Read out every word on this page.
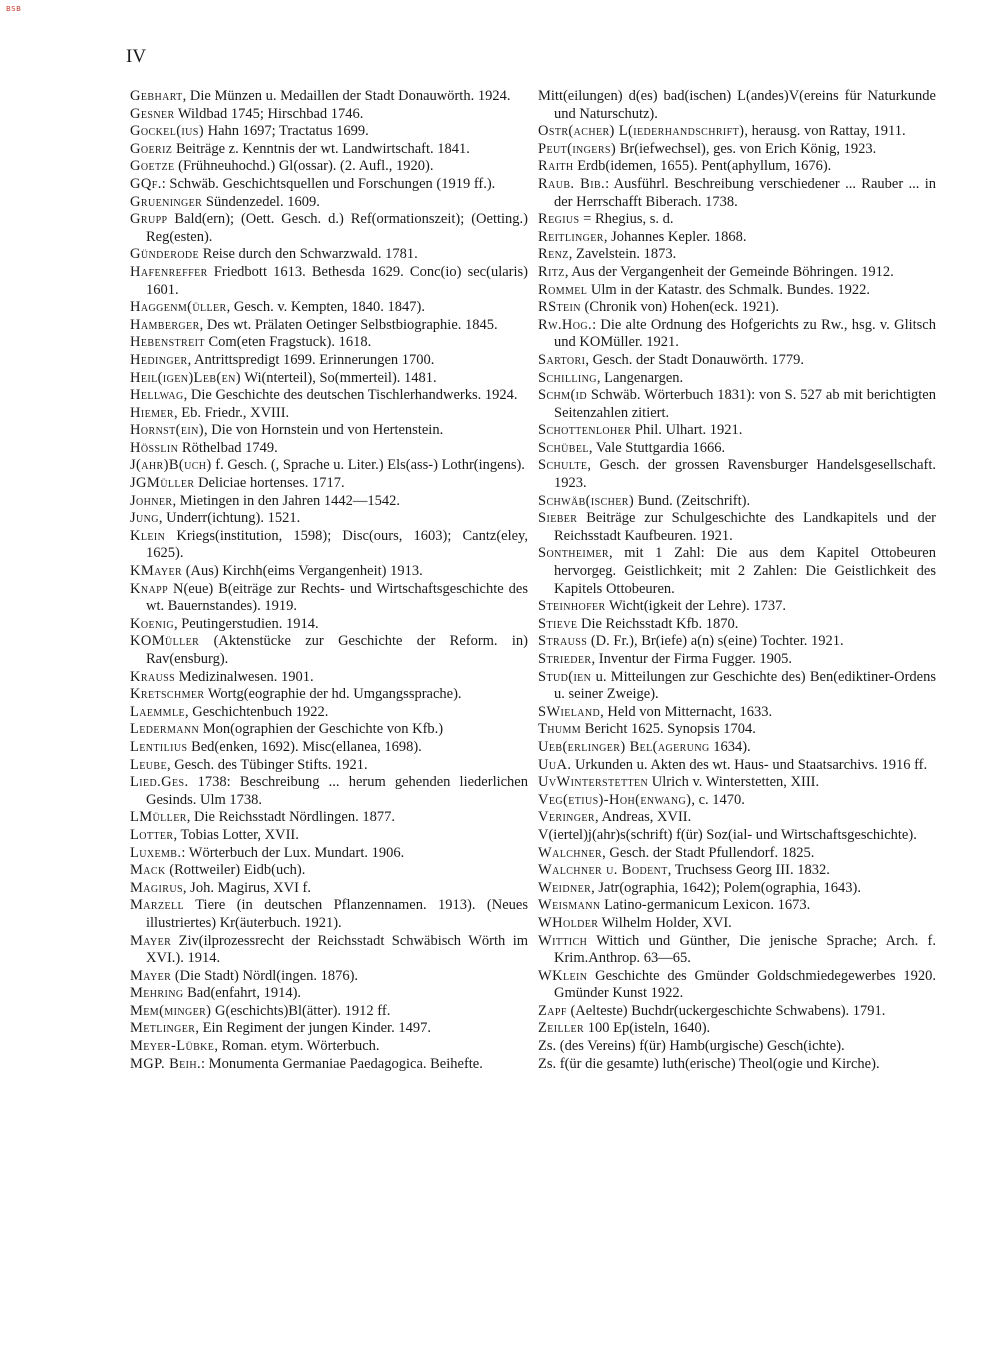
BSB
IV

Gebhart, Die Münzen u. Medaillen der Stadt Donauwörth. 1924.

Gesner Wildbad 1745; Hirschbad 1746.

Gockel(ius) Hahn 1697; Tractatus 1699.

Goeriz Beiträge z. Kenntnis der wt. Landwirtschaft. 1841.

Goetze (Frühneuhochd.) Gl(ossar). (2. Aufl., 1920).

GQf.: Schwäb. Geschichtsquellen und Forschungen (1919 ff.).

Grueninger Sündenzedel. 1609.

Grupp Bald(ern); (Oett. Gesch. d.) Ref(ormationszeit); (Oetting.) Reg(esten).

Günderode Reise durch den Schwarzwald. 1781.

Hafenreffer Friedbott 1613. Bethesda 1629. Conc(io) sec(ularis) 1601.

Haggenm(üller, Gesch. v. Kempten, 1840. 1847).

Hamberger, Des wt. Prälaten Oetinger Selbstbiographie. 1845.

Hebenstreit Com(eten Fragstuck). 1618.

Hedinger, Antrittspredigt 1699. Erinnerungen 1700.

Heil(igen)Leb(en) Wi(nterteil), So(mmerteil). 1481.

Hellwag, Die Geschichte des deutschen Tischlerhandwerks. 1924.

Hiemer, Eb. Friedr., XVIII.

Hornst(ein), Die von Hornstein und von Hertenstein.

Hösslin Röthelbad 1749.

J(ahr)B(uch) f. Gesch. (, Sprache u. Liter.) Els(ass-) Lothr(ingens).

JGMüller Deliciae hortenses. 1717.

Johner, Mietingen in den Jahren 1442—1542.

Jung, Underr(ichtung). 1521.

Klein Kriegs(institution, 1598); Disc(ours, 1603); Cantz(eley, 1625).

KMayer (Aus) Kirchh(eims Vergangenheit) 1913.

Knapp N(eue) B(eiträge zur Rechts- und Wirtschaftsgeschichte des wt. Bauernstandes). 1919.

Koenig, Peutingerstudien. 1914.

KOMüller (Aktenstücke zur Geschichte der Reform. in) Rav(ensburg).

Krauss Medizinalwesen. 1901.

Kretschmer Wortg(eographie der hd. Umgangssprache).

Laemmle, Geschichtenbuch 1922.

Ledermann Mon(ographien der Geschichte von Kfb.)

Lentilius Bed(enken, 1692). Misc(ellanea, 1698).

Leube, Gesch. des Tübinger Stifts. 1921.

Lied.Ges. 1738: Beschreibung ... herum gehenden liederlichen Gesinds. Ulm 1738.

LMüller, Die Reichsstadt Nördlingen. 1877.

Lotter, Tobias Lotter, XVII.

Luxemb.: Wörterbuch der Lux. Mundart. 1906.

Mack (Rottweiler) Eidb(uch).

Magirus, Joh. Magirus, XVI f.

Marzell Tiere (in deutschen Pflanzennamen. 1913). (Neues illustriertes) Kr(äuterbuch. 1921).

Mayer Ziv(ilprozessrecht der Reichsstadt Schwäbisch Wörth im XVI.). 1914.

Mayer (Die Stadt) Nördl(ingen. 1876).

Mehring Bad(enfahrt, 1914).

Mem(minger) G(eschichts)Bl(ätter). 1912 ff.

Metlinger, Ein Regiment der jungen Kinder. 1497.

Meyer-Lübke, Roman. etym. Wörterbuch.

MGP. Beih.: Monumenta Germaniae Paedagogica. Beihefte.

Mitt(eilungen) d(es) bad(ischen) L(andes)V(ereins für Naturkunde und Naturschutz).

Ostr(acher) L(iederhandschrift), herausg. von Rattay, 1911.

Peut(ingers) Br(iefwechsel), ges. von Erich König, 1923.

Raith Erdb(idemen, 1655). Pent(aphyllum, 1676).

Raub. Bib.: Ausführl. Beschreibung verschiedener ... Rauber ... in der Herrschafft Biberach. 1738.

Regius = Rhegius, s. d.

Reitlinger, Johannes Kepler. 1868.

Renz, Zavelstein. 1873.

Ritz, Aus der Vergangenheit der Gemeinde Böhringen. 1912.

Rommel Ulm in der Katastr. des Schmalk. Bundes. 1922.

RStein (Chronik von) Hohen(eck. 1921).

Rw.Hog.: Die alte Ordnung des Hofgerichts zu Rw., hsg. v. Glitsch und KOMüller. 1921.

Sartori, Gesch. der Stadt Donauwörth. 1779.

Schilling, Langenargen.

Schm(id Schwäb. Wörterbuch 1831): von S. 527 ab mit berichtigten Seitenzahlen zitiert.

Schottenloher Phil. Ulhart. 1921.

Schübel, Vale Stuttgardia 1666.

Schulte, Gesch. der grossen Ravensburger Handelsgesellschaft. 1923.

Schwäb(ischer) Bund. (Zeitschrift).

Sieber Beiträge zur Schulgeschichte des Landkapitels und der Reichsstadt Kaufbeuren. 1921.

Sontheimer, mit 1 Zahl: Die aus dem Kapitel Ottobeuren hervorgeg. Geistlichkeit; mit 2 Zahlen: Die Geistlichkeit des Kapitels Ottobeuren.

Steinhofer Wicht(igkeit der Lehre). 1737.

Stieve Die Reichsstadt Kfb. 1870.

Strauss (D. Fr.), Br(iefe) a(n) s(eine) Tochter. 1921.

Strieder, Inventur der Firma Fugger. 1905.

Stud(ien u. Mitteilungen zur Geschichte des) Ben(ediktiner-Ordens u. seiner Zweige).

SWieland, Held von Mitternacht, 1633.

Thumm Bericht 1625. Synopsis 1704.

Ueb(erlinger) Bel(agerung 1634).

UuA. Urkunden u. Akten des wt. Haus- und Staatsarchivs. 1916 ff.

UvWinterstetten Ulrich v. Winterstetten, XIII.

Veg(etius)-Hoh(enwang), c. 1470.

Veringer, Andreas, XVII.

V(iertel)j(ahr)s(schrift) f(ür) Soz(ial- und Wirtschaftsgeschichte).

Walchner, Gesch. der Stadt Pfullendorf. 1825.

Walchner u. Bodent, Truchsess Georg III. 1832.

Weidner, Jatr(ographia, 1642); Polem(ographia, 1643).

Weismann Latino-germanicum Lexicon. 1673.

WHolder Wilhelm Holder, XVI.

Wittich Wittich und Günther, Die jenische Sprache; Arch. f. Krim.Anthrop. 63—65.

WKlein Geschichte des Gmünder Goldschmiedegewerbes 1920. Gmünder Kunst 1922.

Zapf (Aelteste) Buchdr(uckergeschichte Schwabens). 1791.

Zeiller 100 Ep(isteln, 1640).

Zs. (des Vereins) f(ür) Hamb(urgische) Gesch(ichte).

Zs. f(ür die gesamte) luth(erische) Theol(ogie und Kirche).
